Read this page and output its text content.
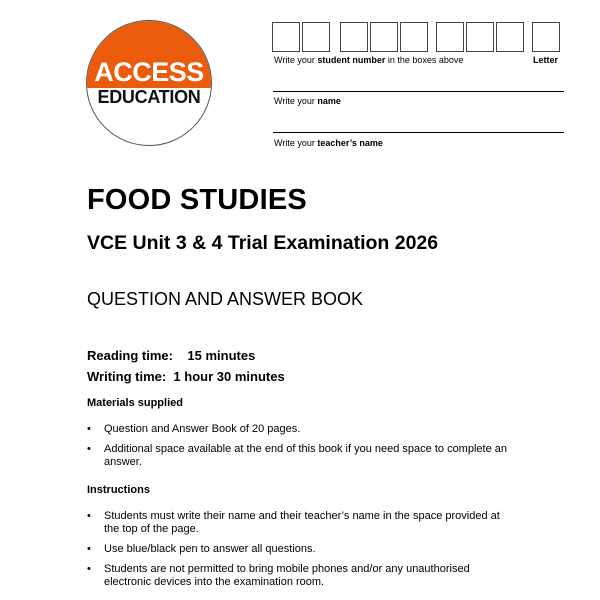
ACCESS
EDUCATION
Write your student number in the boxes above	Letter
Write your name
Write your teacher’s name
FOOD STUDIES
VCE Unit 3 & 4 Trial Examination 2026
QUESTION AND ANSWER BOOK
Reading time:    15 minutes
Writing time:  1 hour 30 minutes
Materials supplied
• Question and Answer Book of 20 pages.
• Additional space available at the end of this book if you need space to complete an answer.
Instructions
• Students must write their name and their teacher’s name in the space provided at the top of the page.
• Use blue/black pen to answer all questions.
• Students are not permitted to bring mobile phones and/or any unauthorised electronic devices into the examination room.
